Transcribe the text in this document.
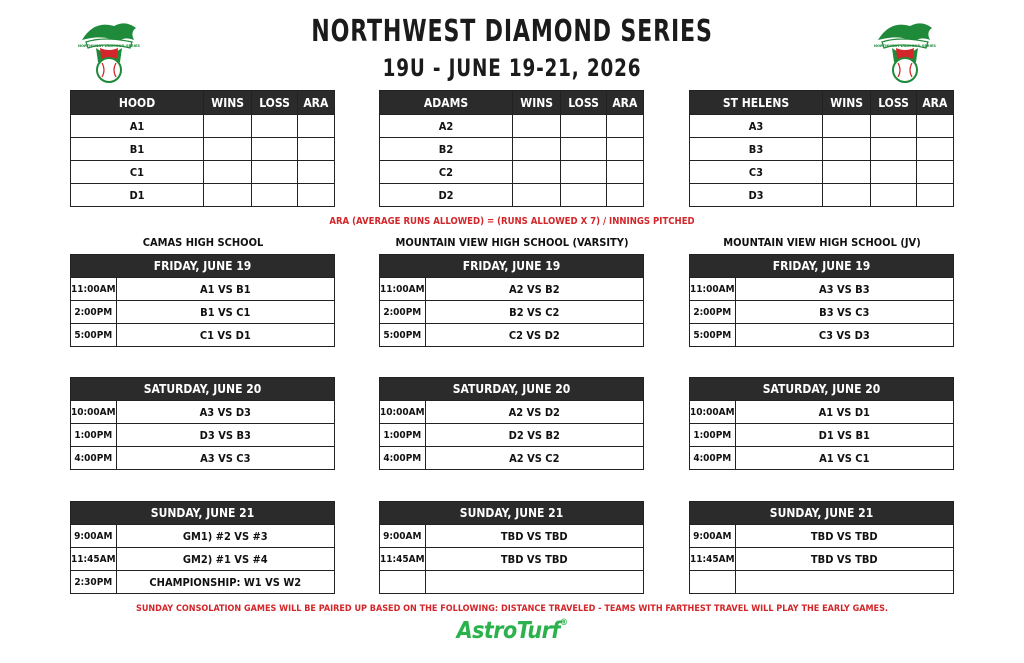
NORTHWEST DIAMOND SERIES
19U - JUNE 19-21, 2026
NORTHWEST DIAMOND SERIES	NORTHWEST DIAMOND SERIES
HOOD	WINS	LOSS	ARA
A1			
B1			
C1			
D1			
ADAMS	WINS	LOSS	ARA
A2			
B2			
C2			
D2			
ST HELENS	WINS	LOSS	ARA
A3			
B3			
C3			
D3			
ARA (AVERAGE RUNS ALLOWED) = (RUNS ALLOWED X 7) / INNINGS PITCHED
CAMAS HIGH SCHOOL	MOUNTAIN VIEW HIGH SCHOOL (VARSITY)	MOUNTAIN VIEW HIGH SCHOOL (JV)
FRIDAY, JUNE 19	
11:00AM	A1 VS B1
2:00PM	B1 VS C1
5:00PM	C1 VS D1
SATURDAY, JUNE 20	
10:00AM	A3 VS D3
1:00PM	D3 VS B3
4:00PM	A3 VS C3
SUNDAY, JUNE 21	
9:00AM	GM1) #2 VS #3
11:45AM	GM2) #1 VS #4
2:30PM	CHAMPIONSHIP: W1 VS W2
FRIDAY, JUNE 19	
11:00AM	A2 VS B2
2:00PM	B2 VS C2
5:00PM	C2 VS D2
SATURDAY, JUNE 20	
10:00AM	A2 VS D2
1:00PM	D2 VS B2
4:00PM	A2 VS C2
SUNDAY, JUNE 21	
9:00AM	TBD VS TBD
11:45AM	TBD VS TBD

FRIDAY, JUNE 19	
11:00AM	A3 VS B3
2:00PM	B3 VS C3
5:00PM	C3 VS D3
SATURDAY, JUNE 20	
10:00AM	A1 VS D1
1:00PM	D1 VS B1
4:00PM	A1 VS C1
SUNDAY, JUNE 21	
9:00AM	TBD VS TBD
11:45AM	TBD VS TBD

SUNDAY CONSOLATION GAMES WILL BE PAIRED UP BASED ON THE FOLLOWING: DISTANCE TRAVELED - TEAMS WITH FARTHEST TRAVEL WILL PLAY THE EARLY GAMES.
AstroTurf®
